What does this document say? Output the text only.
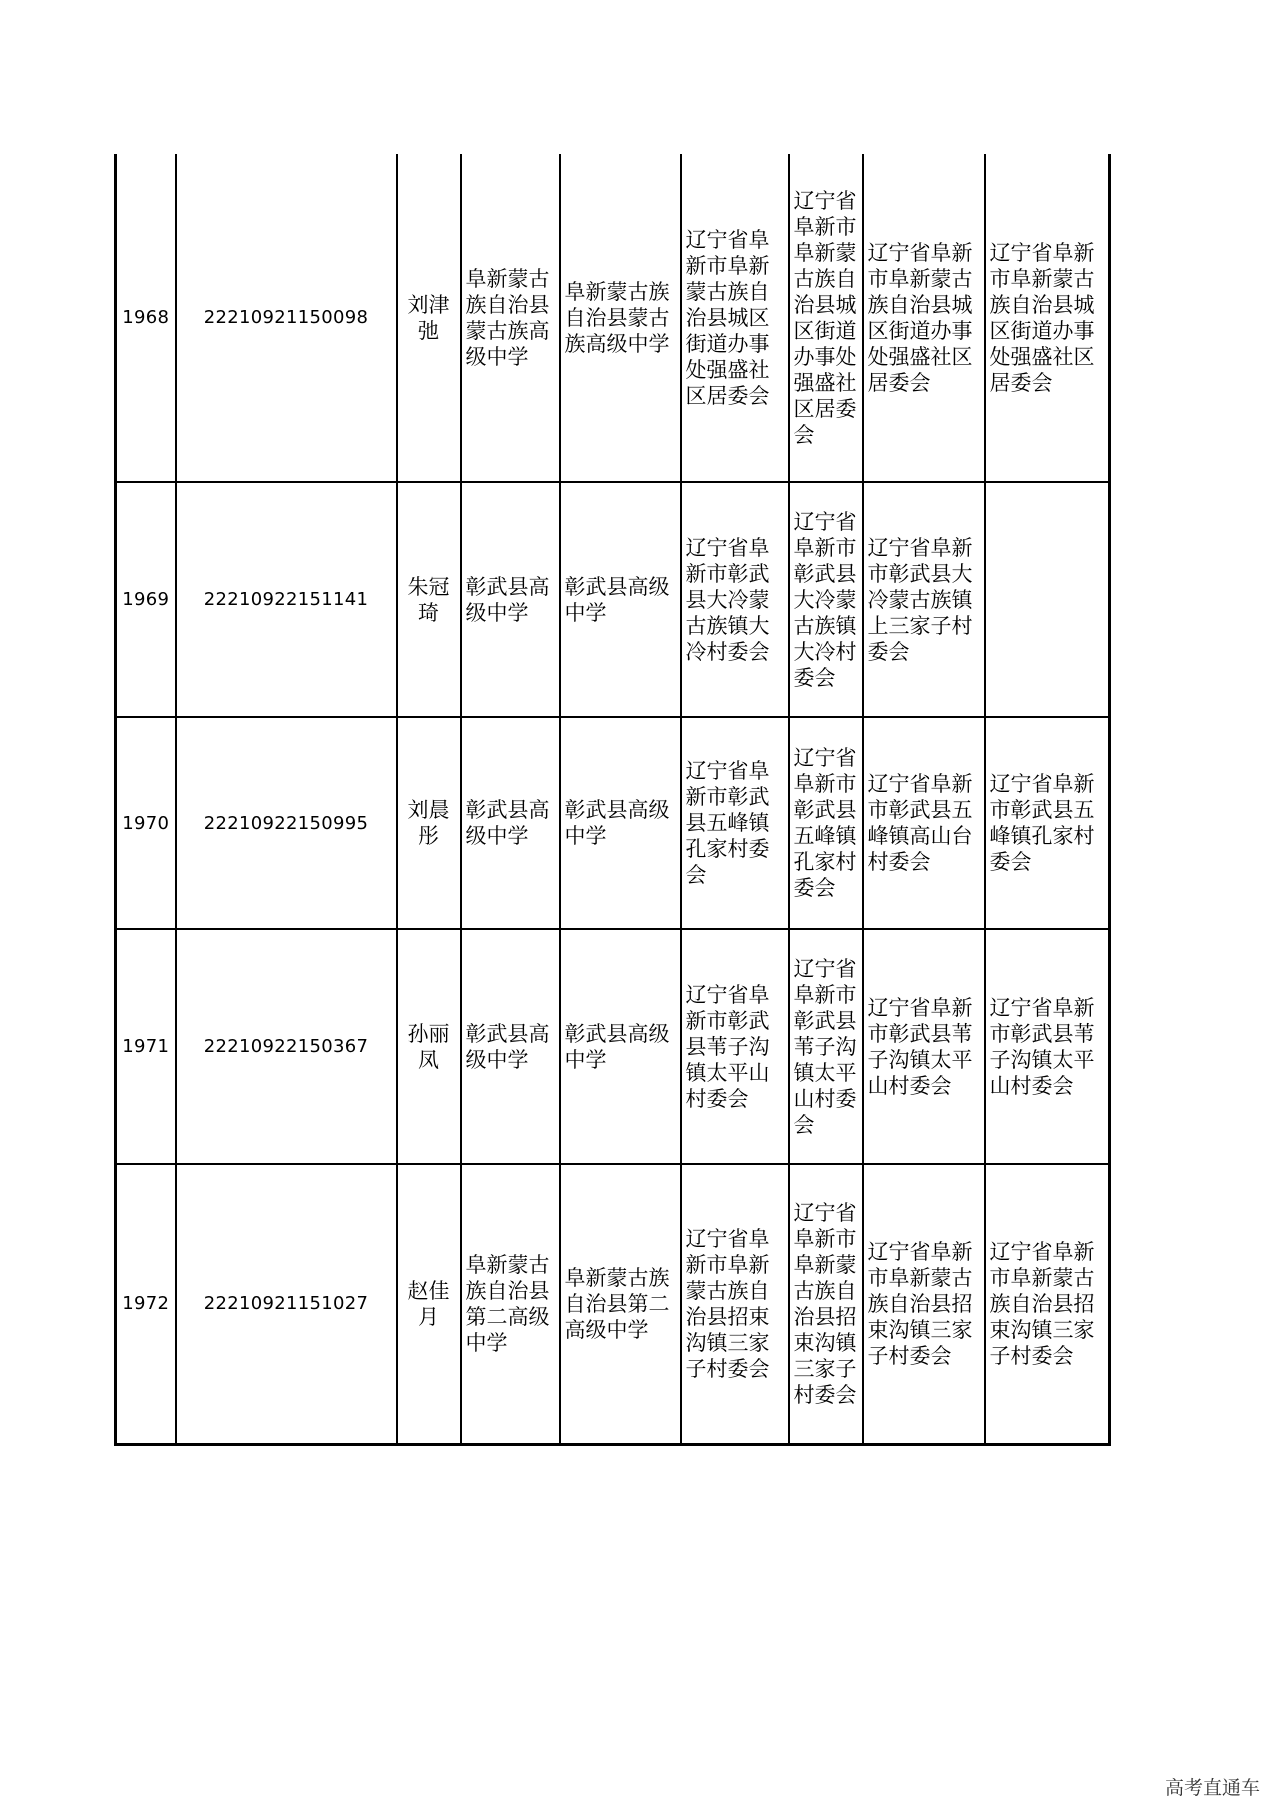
1968	22210921150098	刘津弛	阜新蒙古族自治县蒙古族高级中学	阜新蒙古族自治县蒙古族高级中学	辽宁省阜新市阜新蒙古族自治县城区街道办事处强盛社区居委会	辽宁省阜新市阜新蒙古族自治县城区街道办事处强盛社区居委会	辽宁省阜新市阜新蒙古族自治县城区街道办事处强盛社区居委会	辽宁省阜新市阜新蒙古族自治县城区街道办事处强盛社区居委会

1969	22210922151141	朱冠琦	彰武县高级中学	彰武县高级中学	辽宁省阜新市彰武县大冷蒙古族镇大冷村委会	辽宁省阜新市彰武县大冷蒙古族镇大冷村委会	辽宁省阜新市彰武县大冷蒙古族镇上三家子村委会	

1970	22210922150995	刘晨彤	彰武县高级中学	彰武县高级中学	辽宁省阜新市彰武县五峰镇孔家村委会	辽宁省阜新市彰武县五峰镇孔家村委会	辽宁省阜新市彰武县五峰镇高山台村委会	辽宁省阜新市彰武县五峰镇孔家村委会

1971	22210922150367	孙丽凤	彰武县高级中学	彰武县高级中学	辽宁省阜新市彰武县苇子沟镇太平山村委会	辽宁省阜新市彰武县苇子沟镇太平山村委会	辽宁省阜新市彰武县苇子沟镇太平山村委会	辽宁省阜新市彰武县苇子沟镇太平山村委会

1972	22210921151027	赵佳月	阜新蒙古族自治县第二高级中学	阜新蒙古族自治县第二高级中学	辽宁省阜新市阜新蒙古族自治县招束沟镇三家子村委会	辽宁省阜新市阜新蒙古族自治县招束沟镇三家子村委会	辽宁省阜新市阜新蒙古族自治县招束沟镇三家子村委会	辽宁省阜新市阜新蒙古族自治县招束沟镇三家子村委会
高考直通车
